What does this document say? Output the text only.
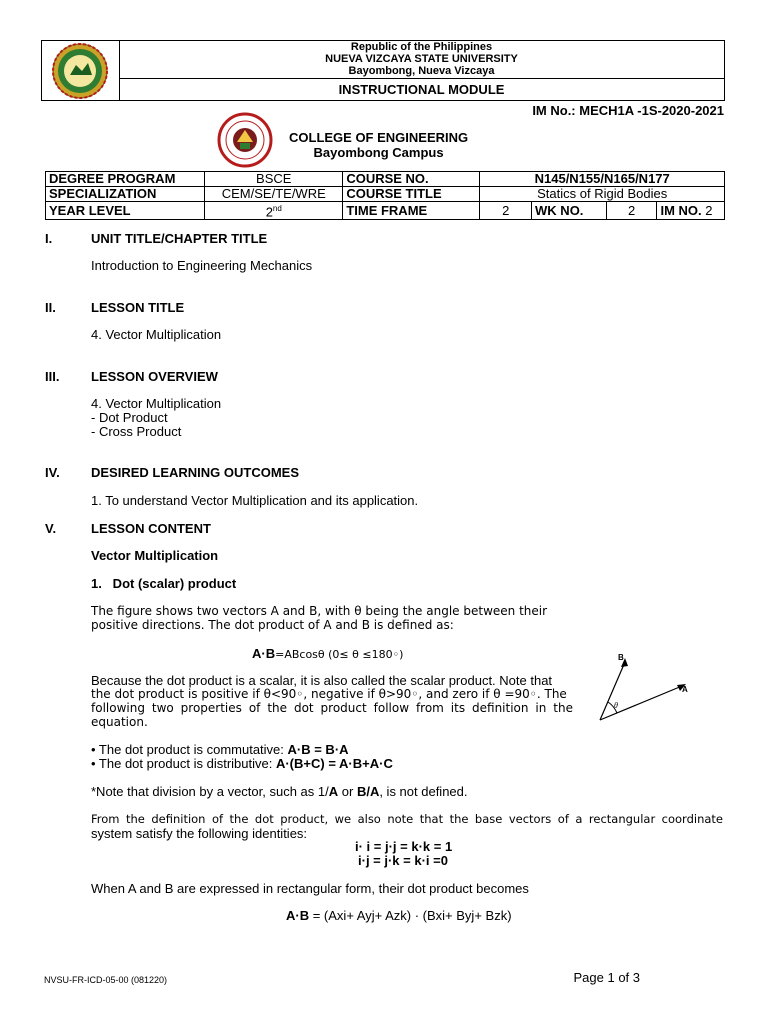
Republic of the Philippines
NUEVA VIZCAYA STATE UNIVERSITY
Bayombong, Nueva Vizcaya
INSTRUCTIONAL MODULE
IM No.: MECH1A -1S-2020-2021
COLLEGE OF ENGINEERING
Bayombong Campus
DEGREE PROGRAM	BSCE	COURSE NO.	N145/N155/N165/N177			
SPECIALIZATION	CEM/SE/TE/WRE	COURSE TITLE	Statics of Rigid Bodies			
YEAR LEVEL	2nd	TIME FRAME	2	WK NO.	2	IM NO. 2
I.	UNIT TITLE/CHAPTER TITLE
Introduction to Engineering Mechanics
II.	LESSON TITLE
4. Vector Multiplication
III. LESSON OVERVIEW
4. Vector Multiplication
- Dot Product
- Cross Product
IV. DESIRED LEARNING OUTCOMES
1. To understand Vector Multiplication and its application.
V.	LESSON CONTENT
Vector Multiplication
1.   Dot (scalar) product
The figure shows two vectors A and B, with θ being the angle between their
positive directions. The dot product of A and B is defined as:
A·B=ABcosθ (0≤ θ ≤180◦)
Because the dot product is a scalar, it is also called the scalar product. Note that
the dot product is positive if θ<90◦, negative if θ>90◦, and zero if θ =90◦. The
following two properties of the dot product follow from its definition in the
equation.
B
A
θ
• The dot product is commutative: A·B = B·A
• The dot product is distributive: A·(B+C) = A·B+A·C
*Note that division by a vector, such as 1/A or B/A, is not defined.
From the definition of the dot product, we also note that the base vectors of a rectangular coordinate
system satisfy the following identities:
i· i = j·j = k·k = 1
i·j = j·k = k·i =0
When A and B are expressed in rectangular form, their dot product becomes
A·B = (Axi+ Ayj+ Azk) · (Bxi+ Byj+ Bzk)
NVSU-FR-ICD-05-00 (081220)	Page 1 of 3
